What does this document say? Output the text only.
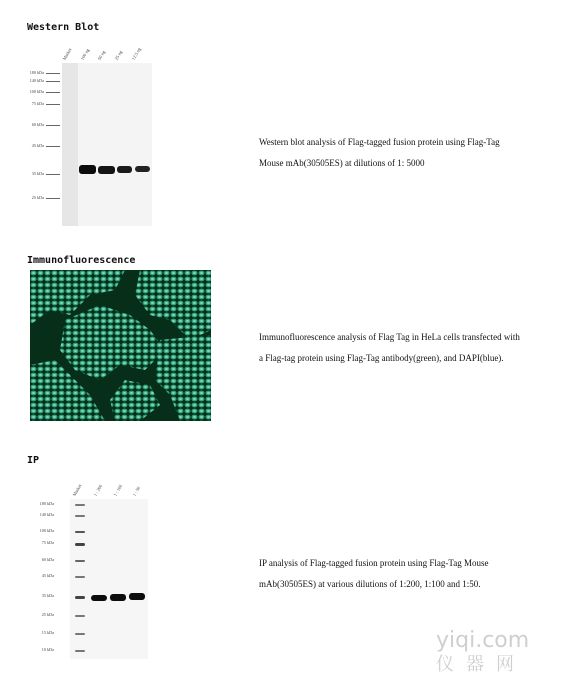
Western Blot
180 kDa
140 kDa
100 kDa
75 kDa
60 kDa
45 kDa
35 kDa
25 kDa
Marker 100 ng 50 ng 25 ng 12.5 ng
Western blot analysis of Flag-tagged fusion protein using Flag-Tag
Mouse mAb(30505ES) at dilutions of 1: 5000
Immunofluorescence
Immunofluorescence analysis of Flag Tag in HeLa cells transfected with
a Flag-tag protein using Flag-Tag antibody(green), and DAPI(blue).
IP
180 kDa
140 kDa
100 kDa
75 kDa
60 kDa
45 kDa
35 kDa
25 kDa
15 kDa
10 kDa
Marker 1 : 200 1 : 100 1 : 50
IP analysis of Flag-tagged fusion protein using Flag-Tag Mouse
mAb(30505ES) at various dilutions of 1:200, 1:100 and 1:50.
yiqi.com
仪器网
